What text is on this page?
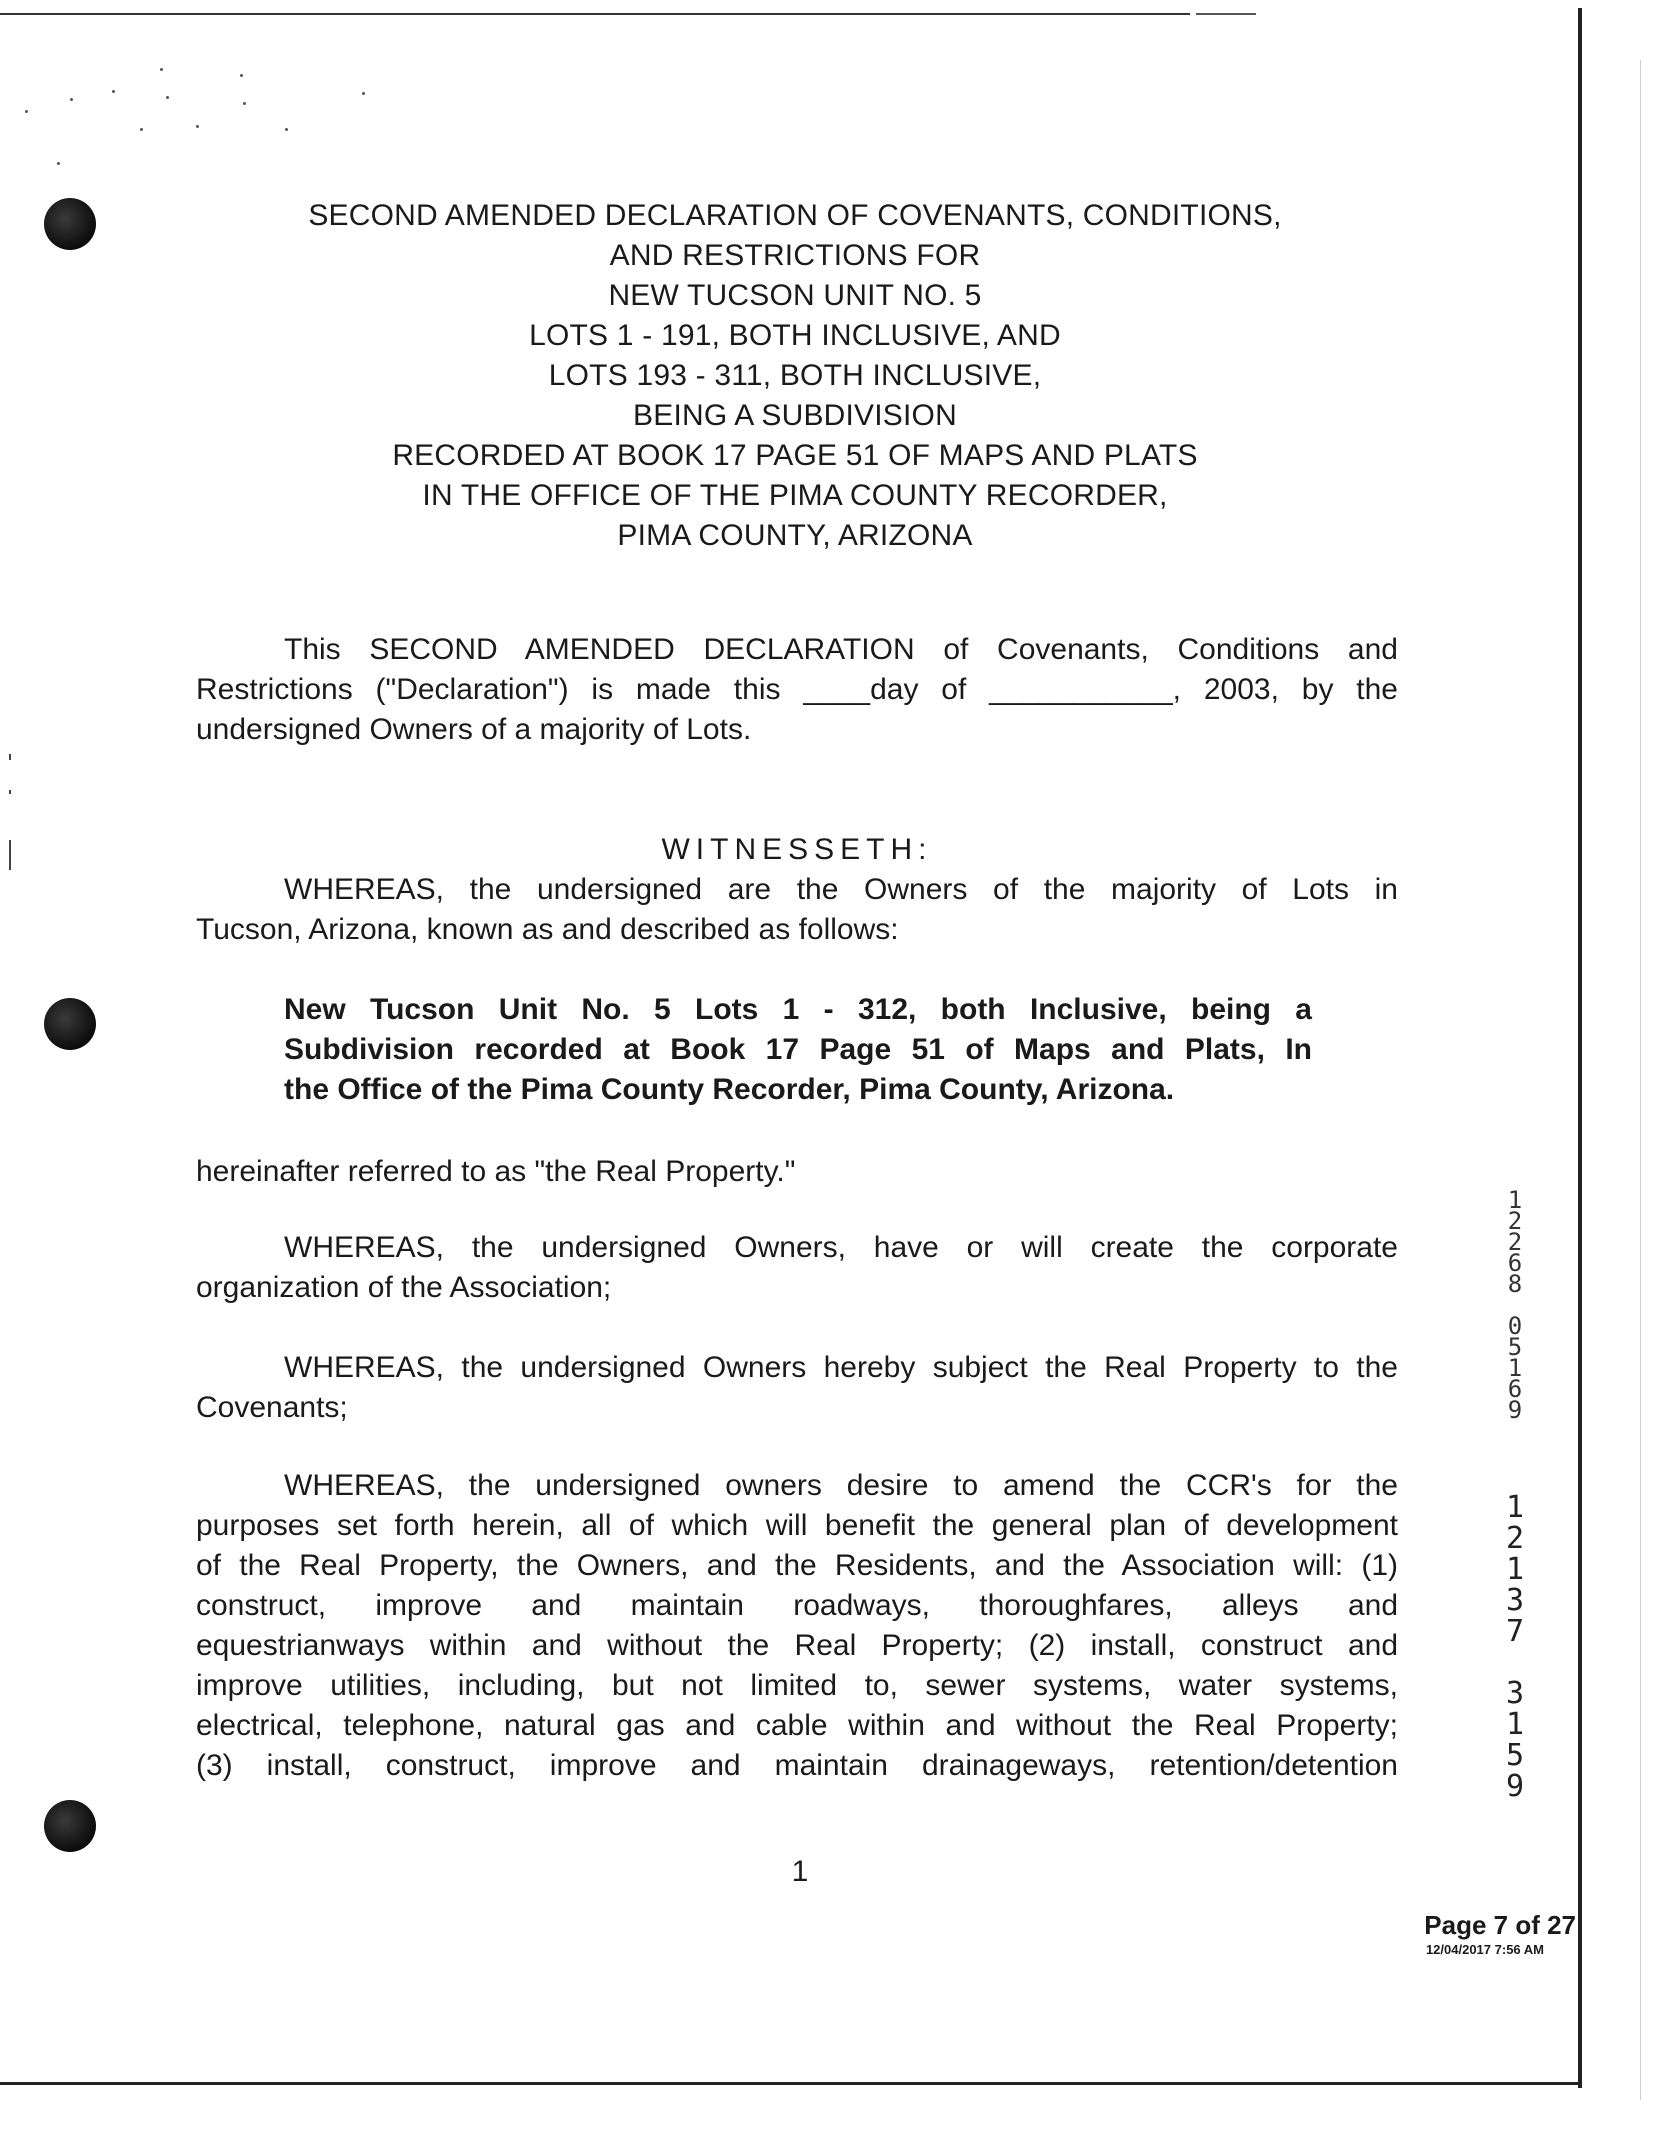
SECOND AMENDED DECLARATION OF COVENANTS, CONDITIONS,
AND RESTRICTIONS FOR
NEW TUCSON UNIT NO. 5
LOTS 1 - 191, BOTH INCLUSIVE, AND
LOTS 193 - 311, BOTH INCLUSIVE,
BEING A SUBDIVISION
RECORDED AT BOOK 17 PAGE 51 OF MAPS AND PLATS
IN THE OFFICE OF THE PIMA COUNTY RECORDER,
PIMA COUNTY, ARIZONA
This SECOND AMENDED DECLARATION of Covenants, Conditions and
Restrictions ("Declaration") is made this ____day of ___________, 2003, by the
undersigned Owners of a majority of Lots.
WITNESSETH:
WHEREAS, the undersigned are the Owners of the majority of Lots in
Tucson, Arizona, known as and described as follows:
New Tucson Unit No. 5 Lots 1 - 312, both Inclusive, being a
Subdivision recorded at Book 17 Page 51 of Maps and Plats, In
the Office of the Pima County Recorder, Pima County, Arizona.
hereinafter referred to as "the Real Property."
WHEREAS, the undersigned Owners, have or will create the corporate
organization of the Association;
WHEREAS, the undersigned Owners hereby subject the Real Property to the
Covenants;
WHEREAS, the undersigned owners desire to amend the CCR's for the
purposes set forth herein, all of which will benefit the general plan of development
of the Real Property, the Owners, and the Residents, and the Association will: (1)
construct, improve and maintain roadways, thoroughfares, alleys and
equestrianways within and without the Real Property; (2) install, construct and
improve utilities, including, but not limited to, sewer systems, water systems,
electrical, telephone, natural gas and cable within and without the Real Property;
(3) install, construct, improve and maintain drainageways, retention/detention
1
2
2
6
8
0
5
1
6
9
1
2
1
3
7
3
1
5
9
1
Page 7 of 27
12/04/2017 7:56 AM
